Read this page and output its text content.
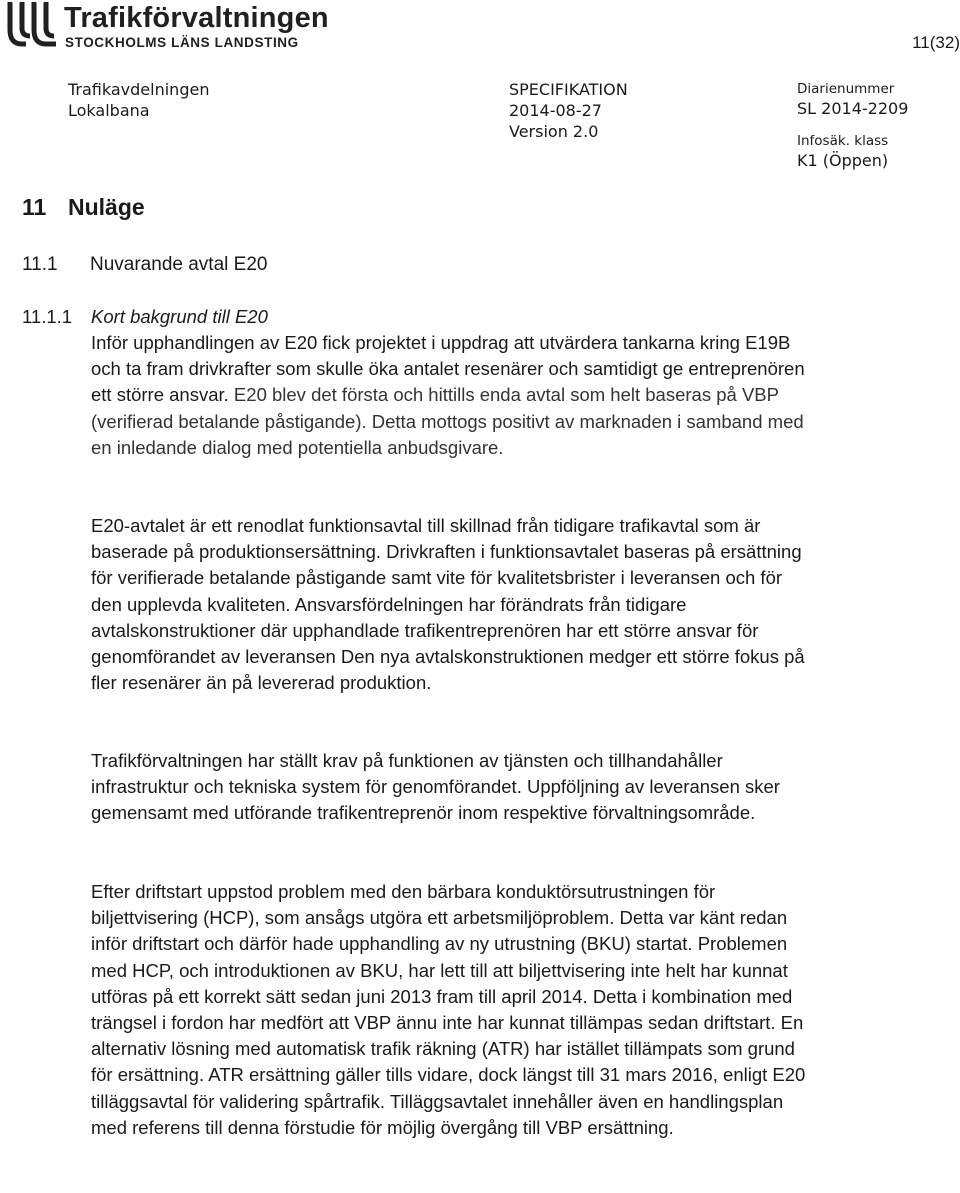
Trafikförvaltningen
STOCKHOLMS LÄNS LANDSTING	11(32)
Trafikavdelningen
Lokalbana
SPECIFIKATION
2014-08-27
Version 2.0
Diarienummer
SL 2014-2209
Infosäk. klass
K1 (Öppen)
11 Nuläge
11.1 Nuvarande avtal E20
11.1.1 Kort bakgrund till E20

Inför upphandlingen av E20 fick projektet i uppdrag att utvärdera tankarna kring E19B och ta fram drivkrafter som skulle öka antalet resenärer och samtidigt ge entreprenören ett större ansvar. E20 blev det första och hittills enda avtal som helt baseras på VBP (verifierad betalande påstigande). Detta mottogs positivt av marknaden i samband med en inledande dialog med potentiella anbudsgivare.

E20-avtalet är ett renodlat funktionsavtal till skillnad från tidigare trafikavtal som är baserade på produktionsersättning. Drivkraften i funktionsavtalet baseras på ersättning för verifierade betalande påstigande samt vite för kvalitetsbrister i leveransen och för den upplevda kvaliteten. Ansvarsfördelningen har förändrats från tidigare avtalskonstruktioner där upphandlade trafikentreprenören har ett större ansvar för genomförandet av leveransen Den nya avtalskonstruktionen medger ett större fokus på fler resenärer än på levererad produktion.

Trafikförvaltningen har ställt krav på funktionen av tjänsten och tillhandahåller infrastruktur och tekniska system för genomförandet. Uppföljning av leveransen sker gemensamt med utförande trafikentreprenör inom respektive förvaltningsområde.

Efter driftstart uppstod problem med den bärbara konduktörsutrustningen för biljettvisering (HCP), som ansågs utgöra ett arbetsmiljöproblem. Detta var känt redan inför driftstart och därför hade upphandling av ny utrustning (BKU) startat. Problemen med HCP, och introduktionen av BKU, har lett till att biljettvisering inte helt har kunnat utföras på ett korrekt sätt sedan juni 2013 fram till april 2014. Detta i kombination med trängsel i fordon har medfört att VBP ännu inte har kunnat tillämpas sedan driftstart. En alternativ lösning med automatisk trafik räkning (ATR) har istället tillämpats som grund för ersättning. ATR ersättning gäller tills vidare, dock längst till 31 mars 2016, enligt E20 tilläggsavtal för validering spårtrafik. Tilläggsavtalet innehåller även en handlingsplan med referens till denna förstudie för möjlig övergång till VBP ersättning.
